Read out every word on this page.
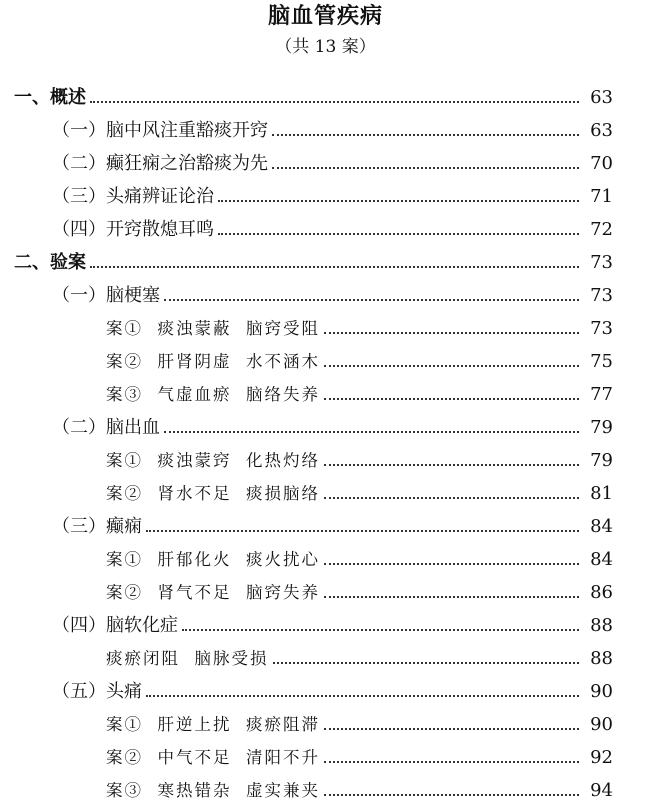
脑血管疾病
（共 13 案）
一、概述	63
（一）脑中风注重豁痰开窍	63
（二）癫狂痫之治豁痰为先	70
（三）头痛辨证论治	71
（四）开窍散熄耳鸣	72
二、验案	73
（一）脑梗塞	73
案①  痰浊蒙蔽  脑窍受阻	73
案②  肝肾阴虚  水不涵木	75
案③  气虚血瘀  脑络失养	77
（二）脑出血	79
案①  痰浊蒙窍  化热灼络	79
案②  肾水不足  痰损脑络	81
（三）癫痫	84
案①  肝郁化火  痰火扰心	84
案②  肾气不足  脑窍失养	86
（四）脑软化症	88
痰瘀闭阻  脑脉受损	88
（五）头痛	90
案①  肝逆上扰  痰瘀阻滞	90
案②  中气不足  清阳不升	92
案③  寒热错杂  虚实兼夹	94
